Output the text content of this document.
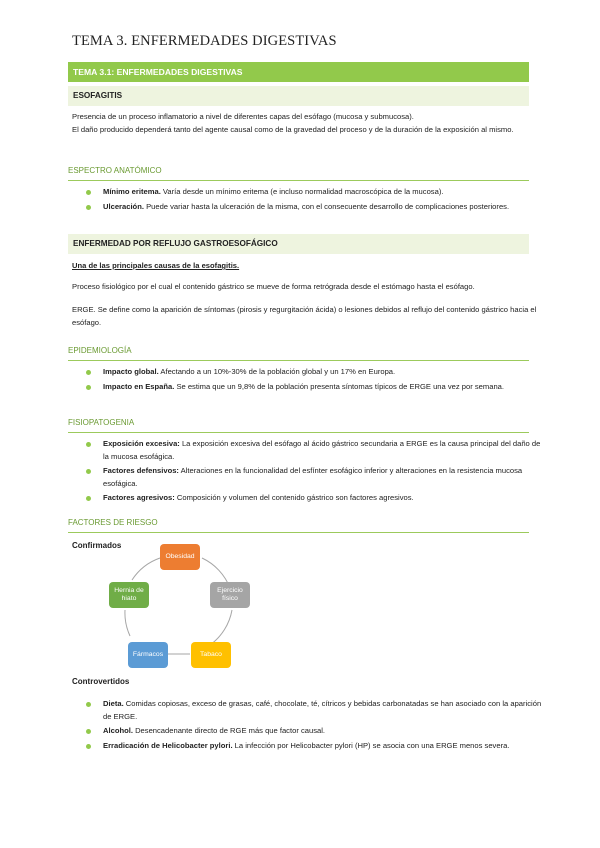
TEMA 3. ENFERMEDADES DIGESTIVAS
TEMA 3.1: ENFERMEDADES DIGESTIVAS
ESOFAGITIS

Presencia de un proceso inflamatorio a nivel de diferentes capas del esófago (mucosa y submucosa).

El daño producido dependerá tanto del agente causal como de la gravedad del proceso y de la duración de la exposición al mismo.

ESPECTRO ANATÓMICO
Mínimo eritema. Varía desde un mínimo eritema (e incluso normalidad macroscópica de la mucosa).
Ulceración. Puede variar hasta la ulceración de la misma, con el consecuente desarrollo de complicaciones posteriores.
ENFERMEDAD POR REFLUJO GASTROESOFÁGICO

Una de las principales causas de la esofagitis.

Proceso fisiológico por el cual el contenido gástrico se mueve de forma retrógrada desde el estómago hasta el esófago.

ERGE. Se define como la aparición de síntomas (pirosis y regurgitación ácida) o lesiones debidos al reflujo del contenido gástrico hacia el esófago.

EPIDEMIOLOGÍA
Impacto global. Afectando a un 10%-30% de la población global y un 17% en Europa.
Impacto en España. Se estima que un 9,8% de la población presenta síntomas típicos de ERGE una vez por semana.
FISIOPATOGENIA
Exposición excesiva: La exposición excesiva del esófago al ácido gástrico secundaria a ERGE es la causa principal del daño de la mucosa esofágica.
Factores defensivos: Alteraciones en la funcionalidad del esfínter esofágico inferior y alteraciones en la resistencia mucosa esofágica.
Factores agresivos: Composición y volumen del contenido gástrico son factores agresivos.
FACTORES DE RIESGO
Confirmados
Obesidad
Ejercicio físico
Tabaco
Fármacos
Hernia de hiato
Controvertidos
Dieta. Comidas copiosas, exceso de grasas, café, chocolate, té, cítricos y bebidas carbonatadas se han asociado con la aparición de ERGE.
Alcohol. Desencadenante directo de RGE más que factor causal.
Erradicación de Helicobacter pylori. La infección por Helicobacter pylori (HP) se asocia con una ERGE menos severa.
